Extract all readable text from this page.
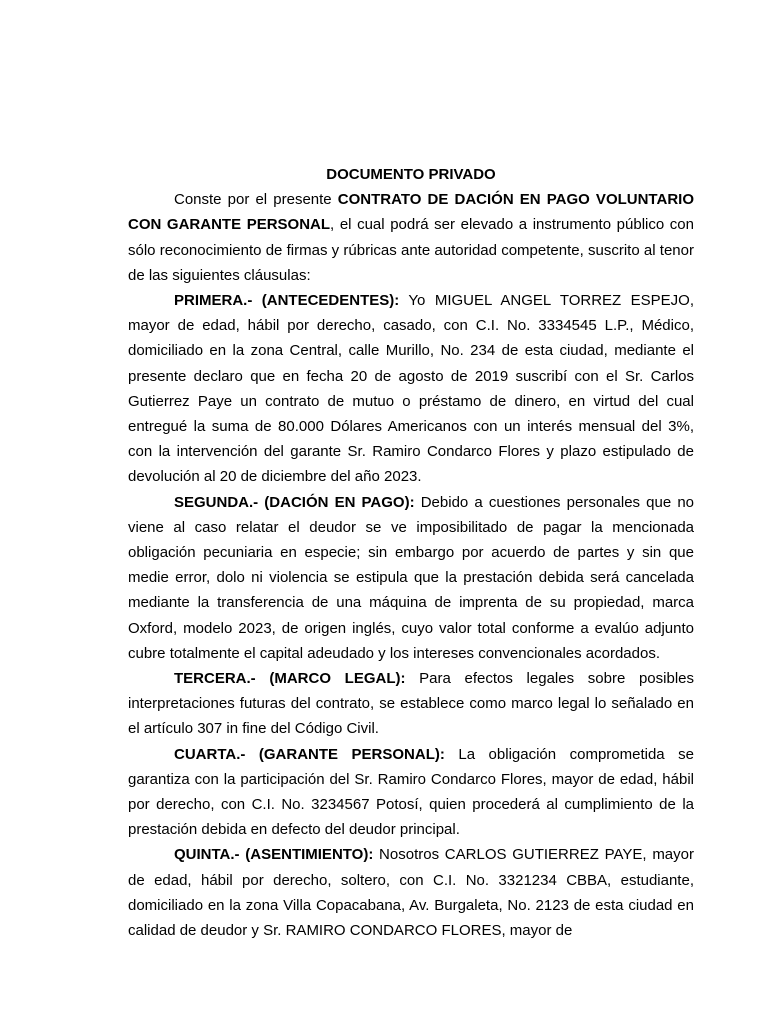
DOCUMENTO PRIVADO

Conste por el presente CONTRATO DE DACIÓN EN PAGO VOLUNTARIO CON GARANTE PERSONAL, el cual podrá ser elevado a instrumento público con sólo reconocimiento de firmas y rúbricas ante autoridad competente, suscrito al tenor de las siguientes cláusulas:

PRIMERA.- (ANTECEDENTES): Yo MIGUEL ANGEL TORREZ ESPEJO, mayor de edad, hábil por derecho, casado, con C.I. No. 3334545 L.P., Médico, domiciliado en la zona Central, calle Murillo, No. 234 de esta ciudad, mediante el presente declaro que en fecha 20 de agosto de 2019 suscribí con el Sr. Carlos Gutierrez Paye un contrato de mutuo o préstamo de dinero, en virtud del cual entregué la suma de 80.000 Dólares Americanos con un interés mensual del 3%, con la intervención del garante Sr. Ramiro Condarco Flores y plazo estipulado de devolución al 20 de diciembre del año 2023.

SEGUNDA.- (DACIÓN EN PAGO): Debido a cuestiones personales que no viene al caso relatar el deudor se ve imposibilitado de pagar la mencionada obligación pecuniaria en especie; sin embargo por acuerdo de partes y sin que medie error, dolo ni violencia se estipula que la prestación debida será cancelada mediante la transferencia de una máquina de imprenta de su propiedad, marca Oxford, modelo 2023, de origen inglés, cuyo valor total conforme a evalúo adjunto cubre totalmente el capital adeudado y los intereses convencionales acordados.

TERCERA.- (MARCO LEGAL): Para efectos legales sobre posibles interpretaciones futuras del contrato, se establece como marco legal lo señalado en el artículo 307 in fine del Código Civil.

CUARTA.- (GARANTE PERSONAL): La obligación comprometida se garantiza con la participación del Sr. Ramiro Condarco Flores, mayor de edad, hábil por derecho, con C.I. No. 3234567 Potosí, quien procederá al cumplimiento de la prestación debida en defecto del deudor principal.

QUINTA.- (ASENTIMIENTO): Nosotros CARLOS GUTIERREZ PAYE, mayor de edad, hábil por derecho, soltero, con C.I. No. 3321234 CBBA, estudiante, domiciliado en la zona Villa Copacabana, Av. Burgaleta, No. 2123 de esta ciudad en calidad de deudor y Sr. RAMIRO CONDARCO FLORES, mayor de
